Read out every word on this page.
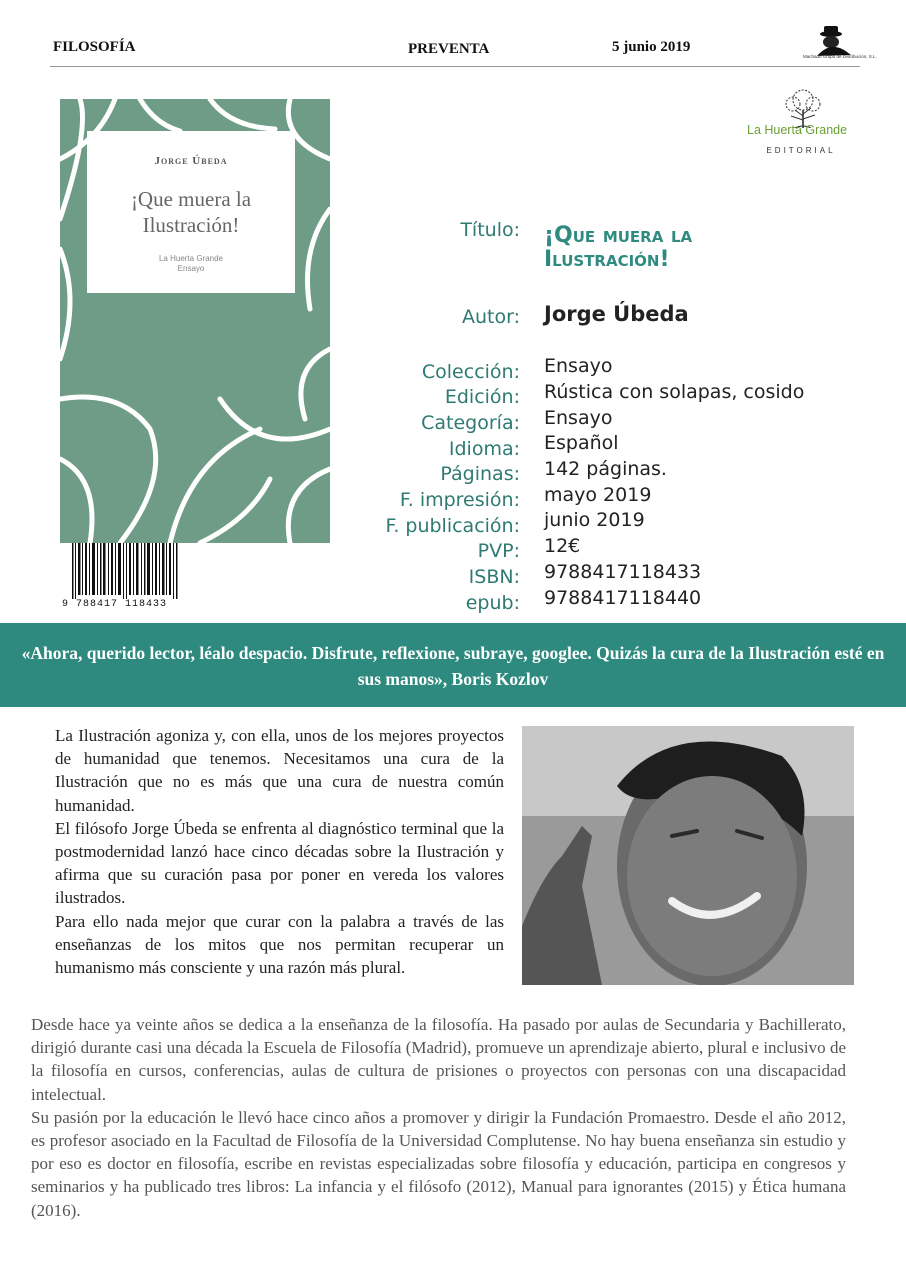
FILOSOFÍA	PREVENTA	5 junio 2019
Machado Grupo de Distribución, S.L.
La Huerta Grande
EDITORIAL
Jorge Úbeda
¡Que muera la Ilustración!
La Huerta Grande
Ensayo
9 788417 118433
Título: ¡Que muera la Ilustración!
Autor: Jorge Úbeda
Colección: Ensayo
Edición: Rústica con solapas, cosido
Categoría: Ensayo
Idioma: Español
Páginas: 142 páginas.
F. impresión: mayo 2019
F. publicación: junio 2019
PVP: 12€
ISBN: 9788417118433
epub: 9788417118440

«Ahora, querido lector, léalo despacio. Disfrute, reflexione, subraye, googlee. Quizás la cura de la Ilustración esté en sus manos», Boris Kozlov

La Ilustración agoniza y, con ella, unos de los mejores proyectos de humanidad que tenemos. Necesitamos una cura de la Ilustración que no es más que una cura de nuestra común humanidad.

El filósofo Jorge Úbeda se enfrenta al diagnóstico terminal que la postmodernidad lanzó hace cinco décadas sobre la Ilustración y afirma que su curación pasa por poner en vereda los valores ilustrados.

Para ello nada mejor que curar con la palabra a través de las enseñanzas de los mitos que nos permitan recuperar un humanismo más consciente y una razón más plural.

Desde hace ya veinte años se dedica a la enseñanza de la filosofía. Ha pasado por aulas de Secundaria y Bachillerato, dirigió durante casi una década la Escuela de Filosofía (Madrid), promueve un aprendizaje abierto, plural e inclusivo de la filosofía en cursos, conferencias, aulas de cultura de prisiones o proyectos con personas con una discapacidad intelectual.

Su pasión por la educación le llevó hace cinco años a promover y dirigir la Fundación Promaestro. Desde el año 2012, es profesor asociado en la Facultad de Filosofía de la Universidad Complutense. No hay buena enseñanza sin estudio y por eso es doctor en filosofía, escribe en revistas especializadas sobre filosofía y educación, participa en congresos y seminarios y ha publicado tres libros: La infancia y el filósofo (2012), Manual para ignorantes (2015) y Ética humana (2016).
